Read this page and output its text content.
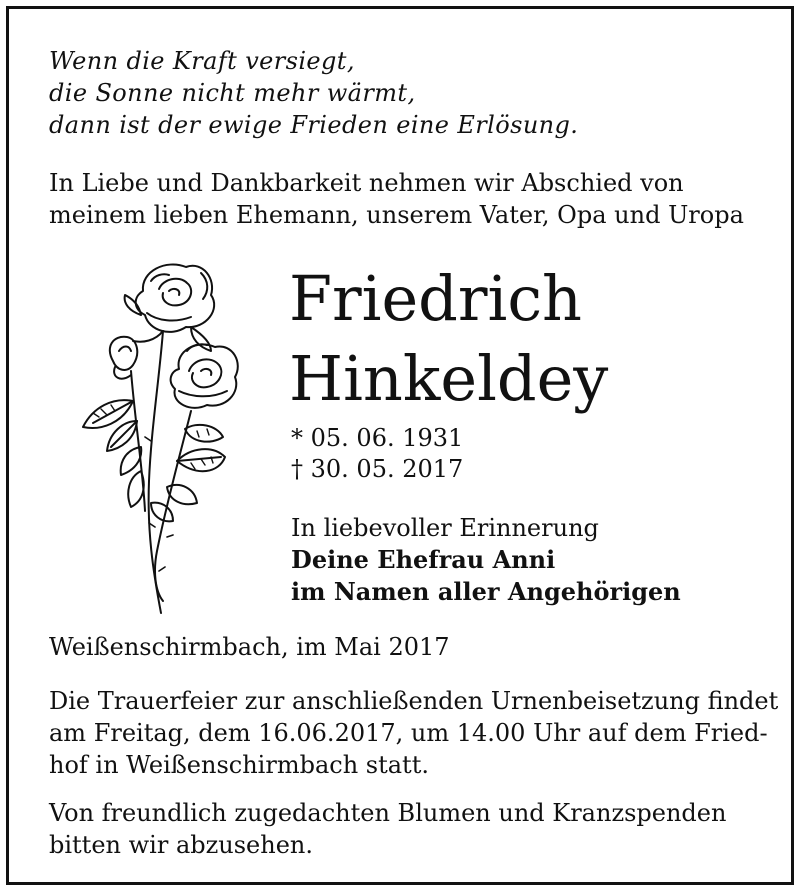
Wenn die Kraft versiegt,
die Sonne nicht mehr wärmt,
dann ist der ewige Frieden eine Erlösung.
In Liebe und Dankbarkeit nehmen wir Abschied von
meinem lieben Ehemann, unserem Vater, Opa und Uropa
Friedrich
Hinkeldey
* 05. 06. 1931
† 30. 05. 2017
In liebevoller Erinnerung
Deine Ehefrau Anni
im Namen aller Angehörigen
Weißenschirmbach, im Mai 2017
Die Trauerfeier zur anschließenden Urnenbeisetzung findet
am Freitag, dem 16.06.2017, um 14.00 Uhr auf dem Fried-
hof in Weißenschirmbach statt.
Von freundlich zugedachten Blumen und Kranzspenden
bitten wir abzusehen.
